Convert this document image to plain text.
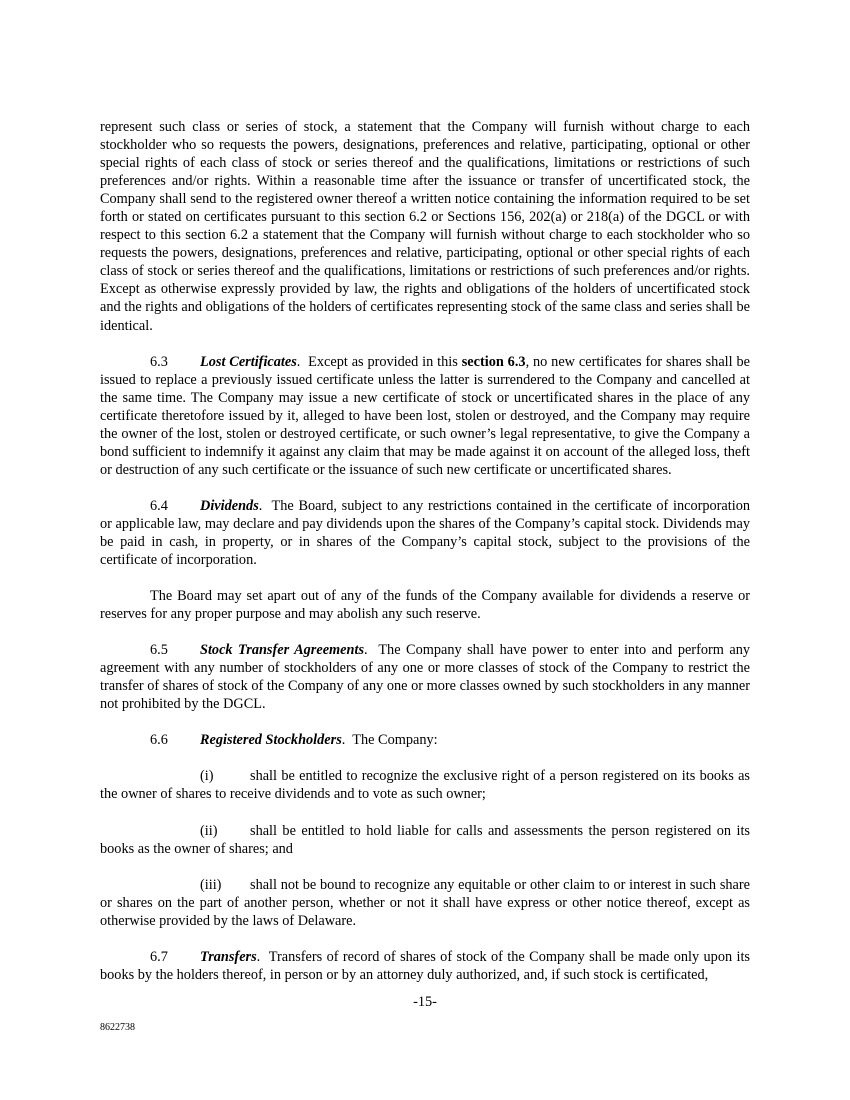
represent such class or series of stock, a statement that the Company will furnish without charge to each stockholder who so requests the powers, designations, preferences and relative, participating, optional or other special rights of each class of stock or series thereof and the qualifications, limitations or restrictions of such preferences and/or rights. Within a reasonable time after the issuance or transfer of uncertificated stock, the Company shall send to the registered owner thereof a written notice containing the information required to be set forth or stated on certificates pursuant to this section 6.2 or Sections 156, 202(a) or 218(a) of the DGCL or with respect to this section 6.2 a statement that the Company will furnish without charge to each stockholder who so requests the powers, designations, preferences and relative, participating, optional or other special rights of each class of stock or series thereof and the qualifications, limitations or restrictions of such preferences and/or rights. Except as otherwise expressly provided by law, the rights and obligations of the holders of uncertificated stock and the rights and obligations of the holders of certificates representing stock of the same class and series shall be identical.

6.3 Lost Certificates.  Except as provided in this section 6.3, no new certificates for shares shall be issued to replace a previously issued certificate unless the latter is surrendered to the Company and cancelled at the same time. The Company may issue a new certificate of stock or uncertificated shares in the place of any certificate theretofore issued by it, alleged to have been lost, stolen or destroyed, and the Company may require the owner of the lost, stolen or destroyed certificate, or such owner’s legal representative, to give the Company a bond sufficient to indemnify it against any claim that may be made against it on account of the alleged loss, theft or destruction of any such certificate or the issuance of such new certificate or uncertificated shares.

6.4 Dividends.  The Board, subject to any restrictions contained in the certificate of incorporation or applicable law, may declare and pay dividends upon the shares of the Company’s capital stock. Dividends may be paid in cash, in property, or in shares of the Company’s capital stock, subject to the provisions of the certificate of incorporation.

The Board may set apart out of any of the funds of the Company available for dividends a reserve or reserves for any proper purpose and may abolish any such reserve.

6.5 Stock Transfer Agreements.  The Company shall have power to enter into and perform any agreement with any number of stockholders of any one or more classes of stock of the Company to restrict the transfer of shares of stock of the Company of any one or more classes owned by such stockholders in any manner not prohibited by the DGCL.

6.6 Registered Stockholders.  The Company:

(i)	shall be entitled to recognize the exclusive right of a person registered on its books as the owner of shares to receive dividends and to vote as such owner;

(ii) shall be entitled to hold liable for calls and assessments the person registered on its books as the owner of shares; and

(iii) shall not be bound to recognize any equitable or other claim to or interest in such share or shares on the part of another person, whether or not it shall have express or other notice thereof, except as otherwise provided by the laws of Delaware.

6.7 Transfers.  Transfers of record of shares of stock of the Company shall be made only upon its books by the holders thereof, in person or by an attorney duly authorized, and, if such stock is certificated,

-15-
8622738
